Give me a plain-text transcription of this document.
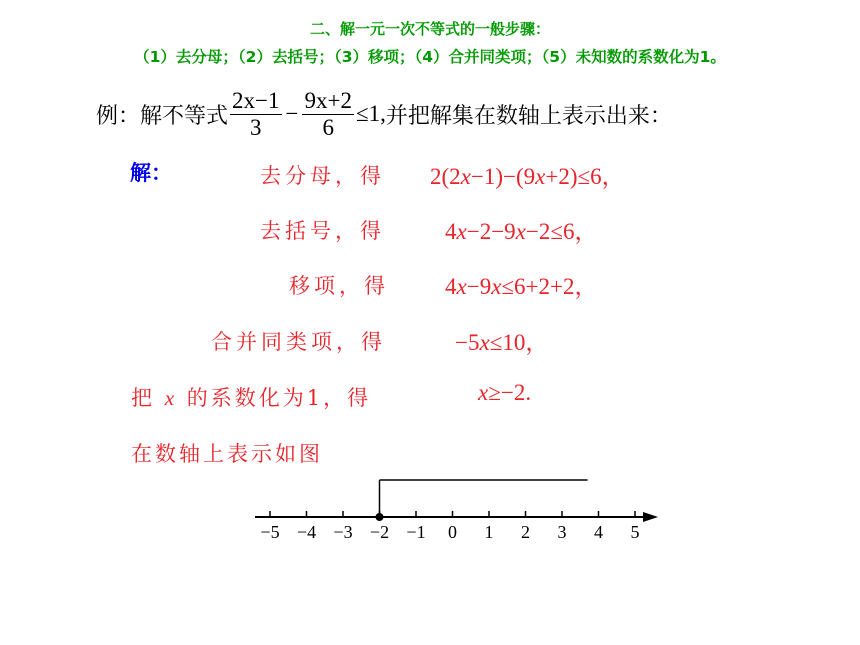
二、解一元一次不等式的一般步骤：
（1）去分母；（2）去括号；（3）移项；（4）合并同类项；（5）未知数的系数化为1。
例：解不等式 $\frac{2x-1}{3} - \frac{9x+2}{6} \le 1$, 并把解集在数轴上表示出来：
解：	去分母，得 2(2x−1)−(9x+2)≤6，
去括号，得	4x−2−9x−2≤6，
移项，得 4x−9x≤6+2+2，
合并同类项，得	−5x≤10，
把 x 的系数化为1，得	x≥−2.
在数轴上表示如图
−5 −4 −3 −2 −1 0 1 2 3 4 5
